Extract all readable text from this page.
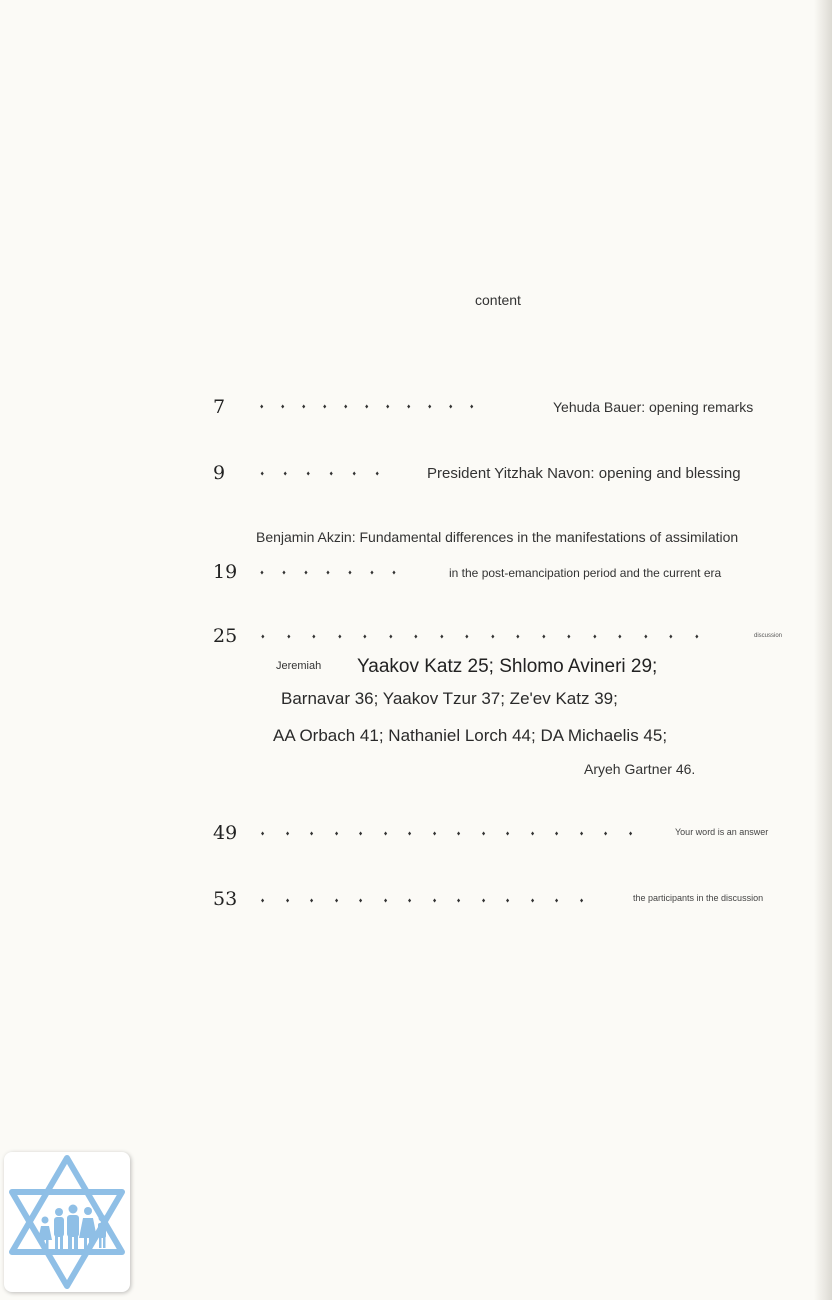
content
7	♦ ♦ ♦ ♦ ♦ ♦ ♦ ♦ ♦ ♦ ♦	Yehuda Bauer: opening remarks
9	♦ ♦ ♦ ♦ ♦ ♦	President Yitzhak Navon: opening and blessing
Benjamin Akzin: Fundamental differences in the manifestations of assimilation
19	♦ ♦ ♦ ♦ ♦ ♦ ♦	in the post-emancipation period and the current era
25	♦ ♦ ♦ ♦ ♦ ♦ ♦ ♦ ♦ ♦ ♦ ♦ ♦ ♦ ♦ ♦ ♦ ♦	discussion
Jeremiah Yaakov Katz 25; Shlomo Avineri 29;
Barnavar 36; Yaakov Tzur 37; Ze'ev Katz 39;
AA Orbach 41; Nathaniel Lorch 44; DA Michaelis 45;
Aryeh Gartner 46.
49	♦ ♦ ♦ ♦ ♦ ♦ ♦ ♦ ♦ ♦ ♦ ♦ ♦ ♦ ♦ ♦	Your word is an answer
53	♦ ♦ ♦ ♦ ♦ ♦ ♦ ♦ ♦ ♦ ♦ ♦ ♦ ♦	the participants in the discussion
